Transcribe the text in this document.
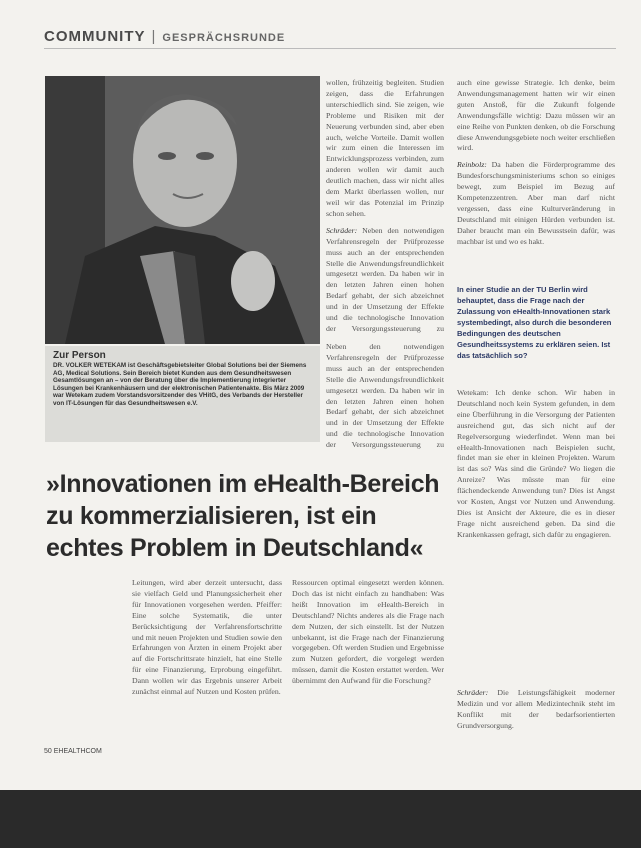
COMMUNITY | GESPRÄCHSRUNDE
Zur Person
DR. VOLKER WETEKAM ist Geschäftsgebietsleiter Global Solutions bei der Siemens AG, Medical Solutions. Sein Bereich bietet Kunden aus dem Gesundheitswesen Gesamtlösungen an – von der Beratung über die Implementierung integrierter Lösungen bei Krankenhäusern und der elektronischen Patientenakte. Bis März 2009 war Wetekam zudem Vorstandsvorsitzender des VHitG, des Verbands der Hersteller von IT-Lösungen für das Gesundheitswesen e.V.

wollen, frühzeitig begleiten. Studien zeigen, dass die Erfahrungen unterschiedlich sind. Sie zeigen, wie Probleme und Risiken mit der Neuerung verbunden sind, aber eben auch, welche Vorteile. Damit wollen wir zum einen die Interessen im Entwicklungsprozess verbinden, zum anderen wollen wir damit auch deutlich machen, dass wir nicht alles dem Markt überlassen wollen, nur weil wir das Potenzial im Prinzip schon sehen.

Schräder: Neben den notwendigen Verfahrensregeln der Prüfprozesse muss auch an der entsprechenden Stelle die Anwendungsfreundlichkeit umgesetzt werden. Da haben wir in den letzten Jahren einen hohen Bedarf gehabt, der sich abzeichnet und in der Umsetzung der Effekte und die technologische Innovation der Versorgungssteuerung zu

Neben den notwendigen Verfahrensregeln der Prüfprozesse muss auch an der entsprechenden Stelle die Anwendungsfreundlichkeit umgesetzt werden. Da haben wir in den letzten Jahren einen hohen Bedarf gehabt, der sich abzeichnet und in der Umsetzung der Effekte und die technologische Innovation der Versorgungssteuerung zu

auch eine gewisse Strategie. Ich denke, beim Anwendungsmanagement hatten wir wir einen guten Anstoß, für die Zukunft folgende Anwendungsfälle wichtig: Dazu müssen wir an eine Reihe von Punkten denken, ob die Forschung diese Anwendungsgebiete noch weiter erschließen wird.

Reinbolz: Da haben die Förderprogramme des Bundesforschungsministeriums schon so einiges bewegt, zum Beispiel im Bezug auf Kompetenzzentren. Aber man darf nicht vergessen, dass eine Kulturveränderung in Deutschland mit einigen Hürden verbunden ist. Daher braucht man ein Bewusstsein dafür, was machbar ist und wo es hakt.

In einer Studie an der TU Berlin wird behauptet, dass die Frage nach der Zulassung von eHealth-Innovationen stark systembedingt, also durch die besonderen Bedingungen des deutschen Gesundheitssystems zu erklären seien. Ist das tatsächlich so?

Wetekam: Ich denke schon. Wir haben in Deutschland noch kein System gefunden, in dem eine Überführung in die Versorgung der Patienten ausreichend gut, das sich nicht auf der Regelversorgung wiederfindet. Wenn man bei eHealth-Innovationen nach Beispielen sucht, findet man sie eher in kleinen Projekten. Warum ist das so? Was sind die Gründe? Wo liegen die Anreize? Was müsste man für eine flächendeckende Anwendung tun? Dies ist Angst vor Kosten, Angst vor Nutzen und Anwendung. Dies ist Ansicht der Akteure, die es in dieser Frage nicht ausreichend geben. Da sind die Krankenkassen gefragt, sich dafür zu engagieren.

Schräder: Die Leistungsfähigkeit moderner Medizin und vor allem Medizintechnik steht im Konflikt mit der bedarfsorientierten Grundversorgung.

»Innovationen im eHealth-Bereich zu kommerzialisieren, ist ein echtes Problem in Deutschland«

Leitungen, wird aber derzeit untersucht, dass sie vielfach Geld und Planungssicherheit eher für Innovationen vorgesehen werden. Pfeiffer: Eine solche Systematik, die unter Berücksichtigung der Verfahrensfortschritte und mit neuen Projekten und Studien sowie den Erfahrungen von Ärzten in einem Projekt aber auf die Fortschrittsrate hinzielt, hat eine Stelle für eine Finanzierung, Erprobung eingeführt. Dann wollen wir das Ergebnis unserer Arbeit zunächst einmal auf Nutzen und Kosten prüfen.

Ressourcen optimal eingesetzt werden können. Doch das ist nicht einfach zu handhaben: Was heißt Innovation im eHealth-Bereich in Deutschland? Nichts anderes als die Frage nach dem Nutzen, der sich einstellt. Ist der Nutzen unbekannt, ist die Frage nach der Finanzierung vorgegeben. Oft werden Studien und Ergebnisse zum Nutzen gefordert, die vorgelegt werden müssen, damit die Kosten erstattet werden. Wer übernimmt den Aufwand für die Forschung?

50 EHEALTHCOM
